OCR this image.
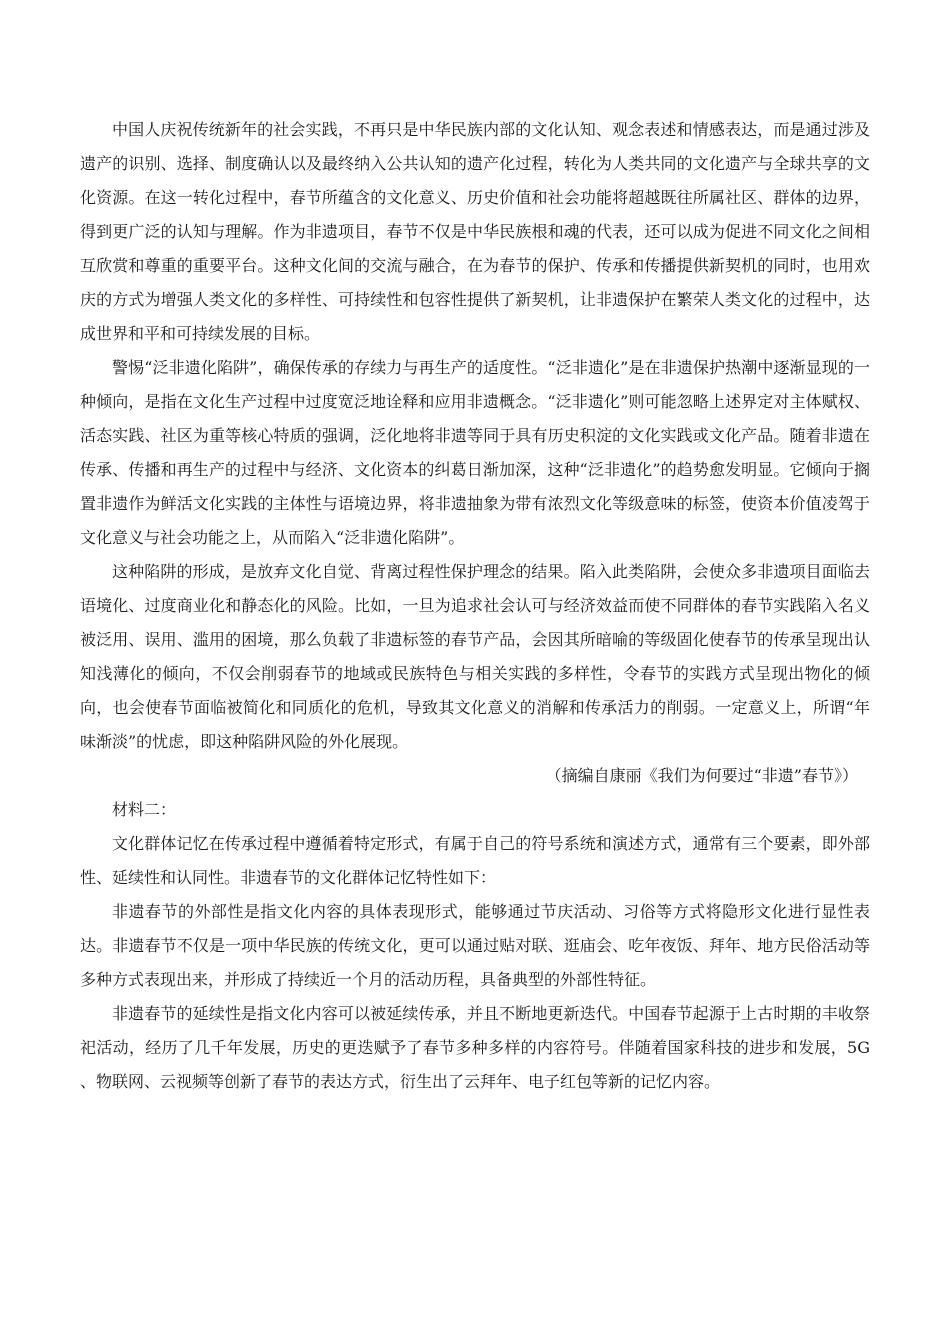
中国人庆祝传统新年的社会实践，不再只是中华民族内部的文化认知、观念表述和情感表达，而是通过涉及遗产的识别、选择、制度确认以及最终纳入公共认知的遗产化过程，转化为人类共同的文化遗产与全球共享的文化资源。在这一转化过程中，春节所蕴含的文化意义、历史价值和社会功能将超越既往所属社区、群体的边界，得到更广泛的认知与理解。作为非遗项目，春节不仅是中华民族根和魂的代表，还可以成为促进不同文化之间相互欣赏和尊重的重要平台。这种文化间的交流与融合，在为春节的保护、传承和传播提供新契机的同时，也用欢庆的方式为增强人类文化的多样性、可持续性和包容性提供了新契机，让非遗保护在繁荣人类文化的过程中，达成世界和平和可持续发展的目标。

警惕“泛非遗化陷阱”，确保传承的存续力与再生产的适度性。“泛非遗化”是在非遗保护热潮中逐渐显现的一种倾向，是指在文化生产过程中过度宽泛地诠释和应用非遗概念。“泛非遗化”则可能忽略上述界定对主体赋权、活态实践、社区为重等核心特质的强调，泛化地将非遗等同于具有历史积淀的文化实践或文化产品。随着非遗在传承、传播和再生产的过程中与经济、文化资本的纠葛日渐加深，这种“泛非遗化”的趋势愈发明显。它倾向于搁置非遗作为鲜活文化实践的主体性与语境边界，将非遗抽象为带有浓烈文化等级意味的标签，使资本价值凌驾于文化意义与社会功能之上，从而陷入“泛非遗化陷阱”。

这种陷阱的形成，是放弃文化自觉、背离过程性保护理念的结果。陷入此类陷阱，会使众多非遗项目面临去语境化、过度商业化和静态化的风险。比如，一旦为追求社会认可与经济效益而使不同群体的春节实践陷入名义被泛用、误用、滥用的困境，那么负载了非遗标签的春节产品，会因其所暗喻的等级固化使春节的传承呈现出认知浅薄化的倾向，不仅会削弱春节的地域或民族特色与相关实践的多样性，令春节的实践方式呈现出物化的倾向，也会使春节面临被简化和同质化的危机，导致其文化意义的消解和传承活力的削弱。一定意义上，所谓“年味渐淡”的忧虑，即这种陷阱风险的外化展现。

（摘编自康丽《我们为何要过“非遗”春节》）

材料二：

文化群体记忆在传承过程中遵循着特定形式，有属于自己的符号系统和演述方式，通常有三个要素，即外部性、延续性和认同性。非遗春节的文化群体记忆特性如下：

非遗春节的外部性是指文化内容的具体表现形式，能够通过节庆活动、习俗等方式将隐形文化进行显性表达。非遗春节不仅是一项中华民族的传统文化，更可以通过贴对联、逛庙会、吃年夜饭、拜年、地方民俗活动等多种方式表现出来，并形成了持续近一个月的活动历程，具备典型的外部性特征。

非遗春节的延续性是指文化内容可以被延续传承，并且不断地更新迭代。中国春节起源于上古时期的丰收祭祀活动，经历了几千年发展，历史的更迭赋予了春节多种多样的内容符号。伴随着国家科技的进步和发展，5G 、物联网、云视频等创新了春节的表达方式，衍生出了云拜年、电子红包等新的记忆内容。
